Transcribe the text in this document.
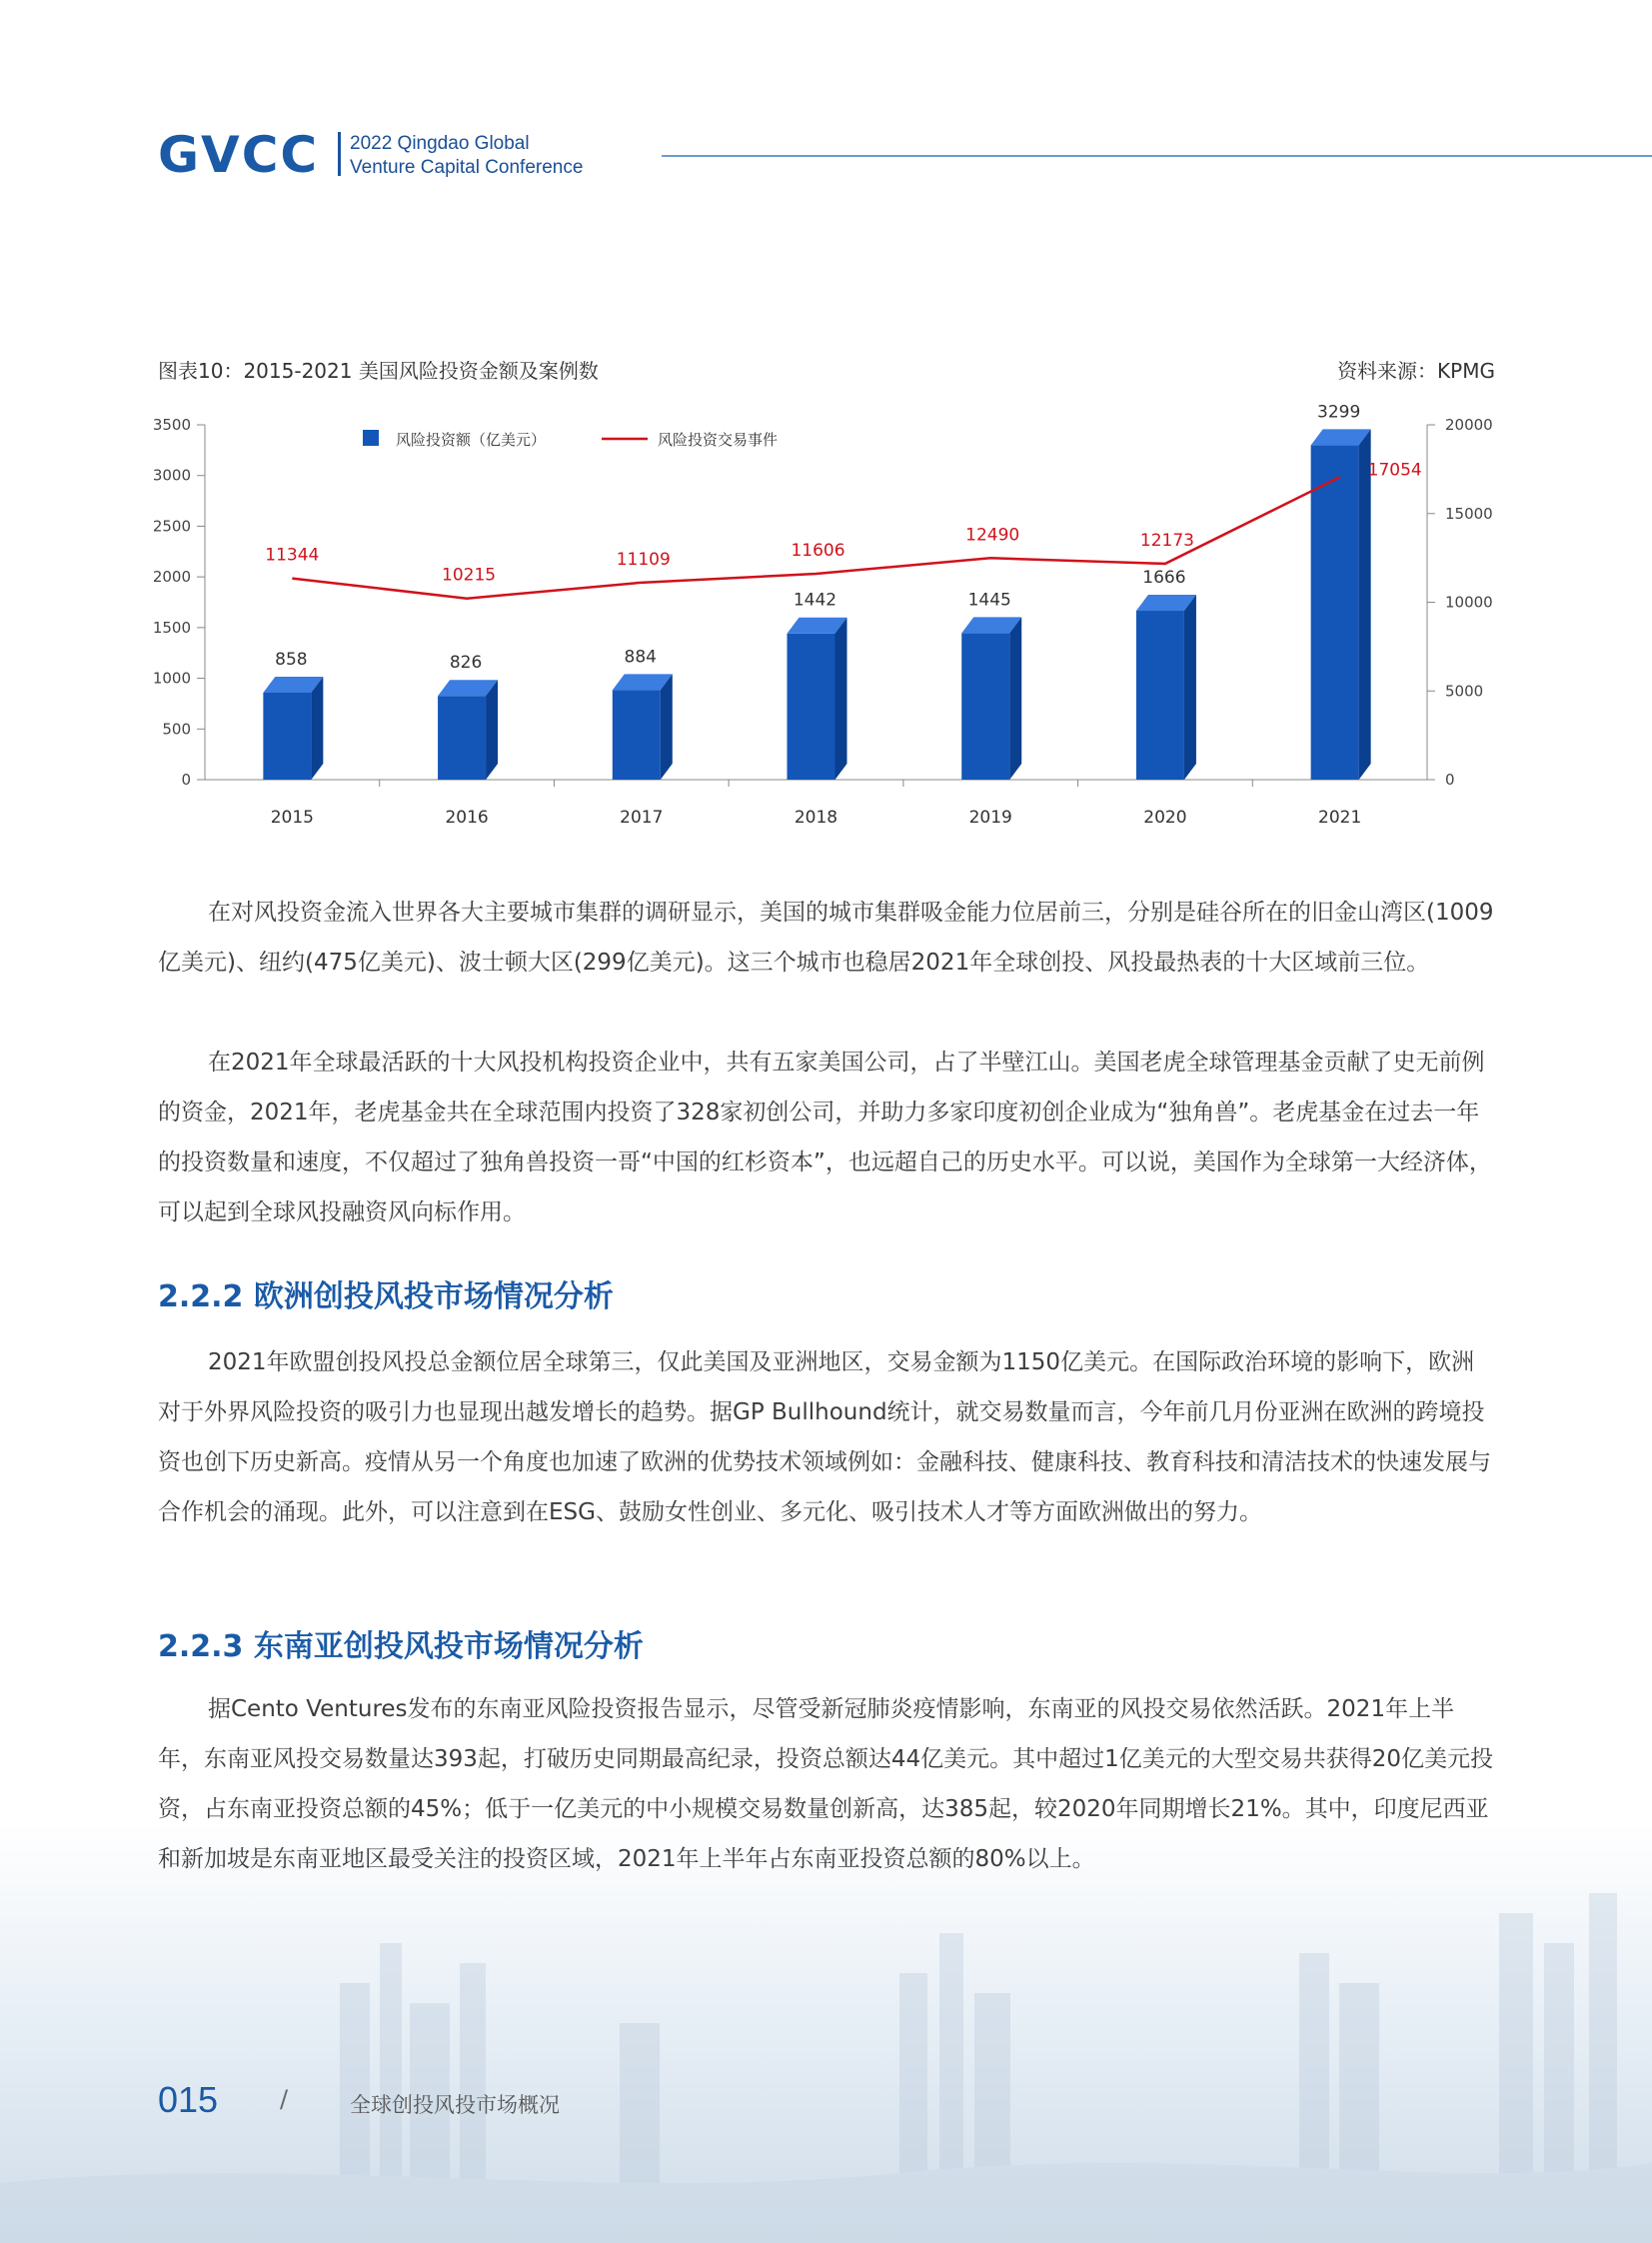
GVCC 2022 Qingdao Global
Venture Capital Conference
图表10：2015-2021 美国风险投资金额及案例数	资料来源：KPMG
0
500
1000
1500
2000
2500
3000
3500
0
5000
10000
15000
20000
2015	2016	2017	2018	2019	2020	2021
858	826	884
1442	1445
1666
3299
11344
10215
11109	11606
12490	12173
17054
风险投资额（亿美元）	风险投资交易事件

在对风投资金流入世界各大主要城市集群的调研显示，美国的城市集群吸金能力位居前三，分别是硅谷所在的旧金山湾区(1009亿美元)、纽约(475亿美元)、波士顿大区(299亿美元)。这三个城市也稳居2021年全球创投、风投最热表的十大区域前三位。

在2021年全球最活跃的十大风投机构投资企业中，共有五家美国公司，占了半壁江山。美国老虎全球管理基金贡献了史无前例的资金，2021年，老虎基金共在全球范围内投资了328家初创公司，并助力多家印度初创企业成为“独角兽”。老虎基金在过去一年的投资数量和速度，不仅超过了独角兽投资一哥“中国的红杉资本”，也远超自己的历史水平。可以说，美国作为全球第一大经济体，可以起到全球风投融资风向标作用。

2.2.2 欧洲创投风投市场情况分析

2021年欧盟创投风投总金额位居全球第三，仅此美国及亚洲地区，交易金额为1150亿美元。在国际政治环境的影响下，欧洲对于外界风险投资的吸引力也显现出越发增长的趋势。据GP Bullhound统计，就交易数量而言，今年前几月份亚洲在欧洲的跨境投资也创下历史新高。疫情从另一个角度也加速了欧洲的优势技术领域例如：金融科技、健康科技、教育科技和清洁技术的快速发展与合作机会的涌现。此外，可以注意到在ESG、鼓励女性创业、多元化、吸引技术人才等方面欧洲做出的努力。

2.2.3 东南亚创投风投市场情况分析

据Cento Ventures发布的东南亚风险投资报告显示，尽管受新冠肺炎疫情影响，东南亚的风投交易依然活跃。2021年上半年，东南亚风投交易数量达393起，打破历史同期最高纪录，投资总额达44亿美元。其中超过1亿美元的大型交易共获得20亿美元投资，占东南亚投资总额的45%；低于一亿美元的中小规模交易数量创新高，达385起，较2020年同期增长21%。其中，印度尼西亚和新加坡是东南亚地区最受关注的投资区域，2021年上半年占东南亚投资总额的80%以上。

015	/	全球创投风投市场概况
